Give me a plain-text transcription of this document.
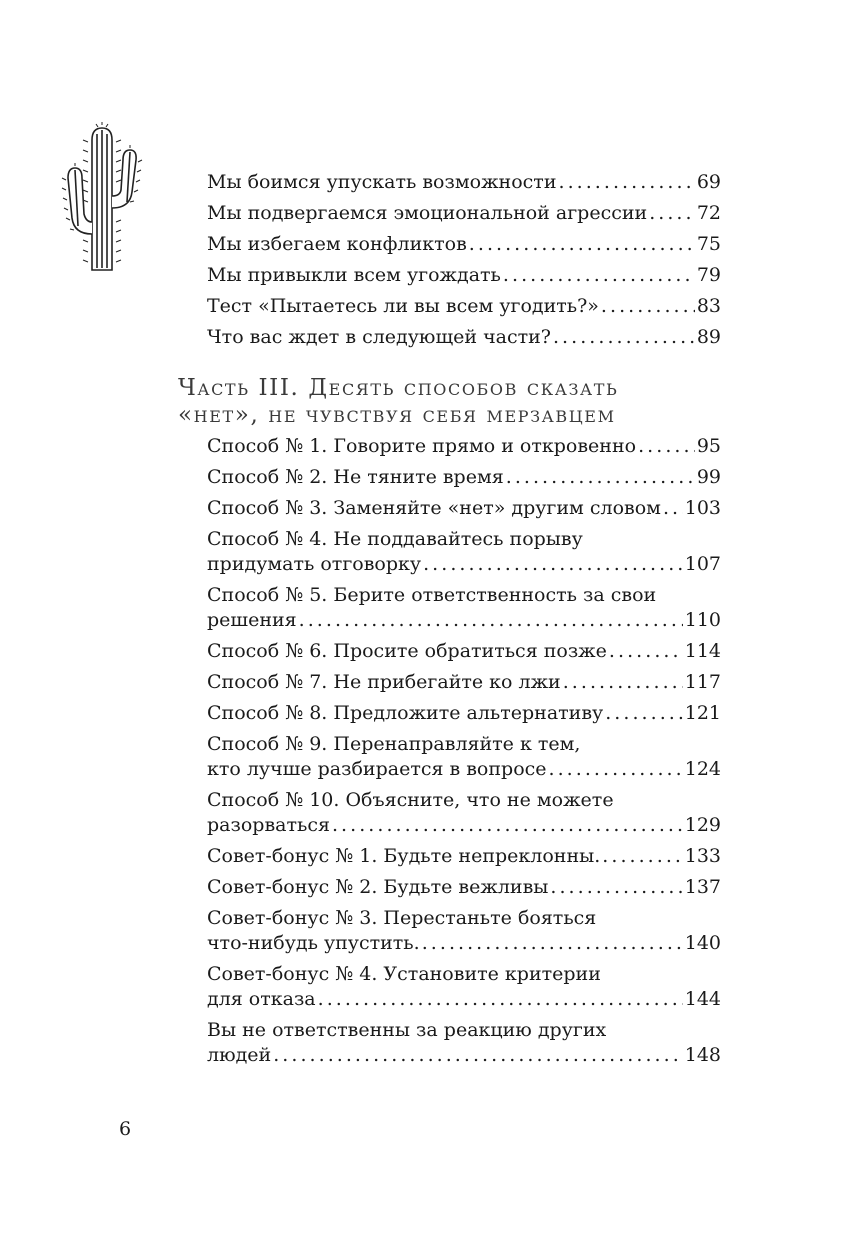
Мы боимся упускать возможности . . .	69
Мы подвергаемся эмоциональной агрессии . . .	72
Мы избегаем конфликтов . . .	75
Мы привыкли всем угождать . . .	79
Тест «Пытаетесь ли вы всем угодить?» . . .	83
Что вас ждет в следующей части? . . .	89
Часть III. Десять способов сказать
«нет», не чувствуя себя мерзавцем
Способ № 1. Говорите прямо и откровенно . . .	95
Способ № 2. Не тяните время . . .	99
Способ № 3. Заменяйте «нет» другим словом . . . 103
Способ № 4. Не поддавайтесь порыву
придумать отговорку . . .	107
Способ № 5. Берите ответственность за свои
решения . . .	110
Способ № 6. Просите обратиться позже . . .	114
Способ № 7. Не прибегайте ко лжи . . .	117
Способ № 8. Предложите альтернативу . . .	121
Способ № 9. Перенаправляйте к тем,
кто лучше разбирается в вопросе . . .	124
Способ № 10. Объясните, что не можете
разорваться . . .	129
Совет-бонус № 1. Будьте непреклонны. . . .	133
Совет-бонус № 2. Будьте вежливы . . .	137
Совет-бонус № 3. Перестаньте бояться
что-нибудь упустить. . . .	140
Совет-бонус № 4. Установите критерии
для отказа . . .	144
Вы не ответственны за реакцию других
людей . . .	148
6
